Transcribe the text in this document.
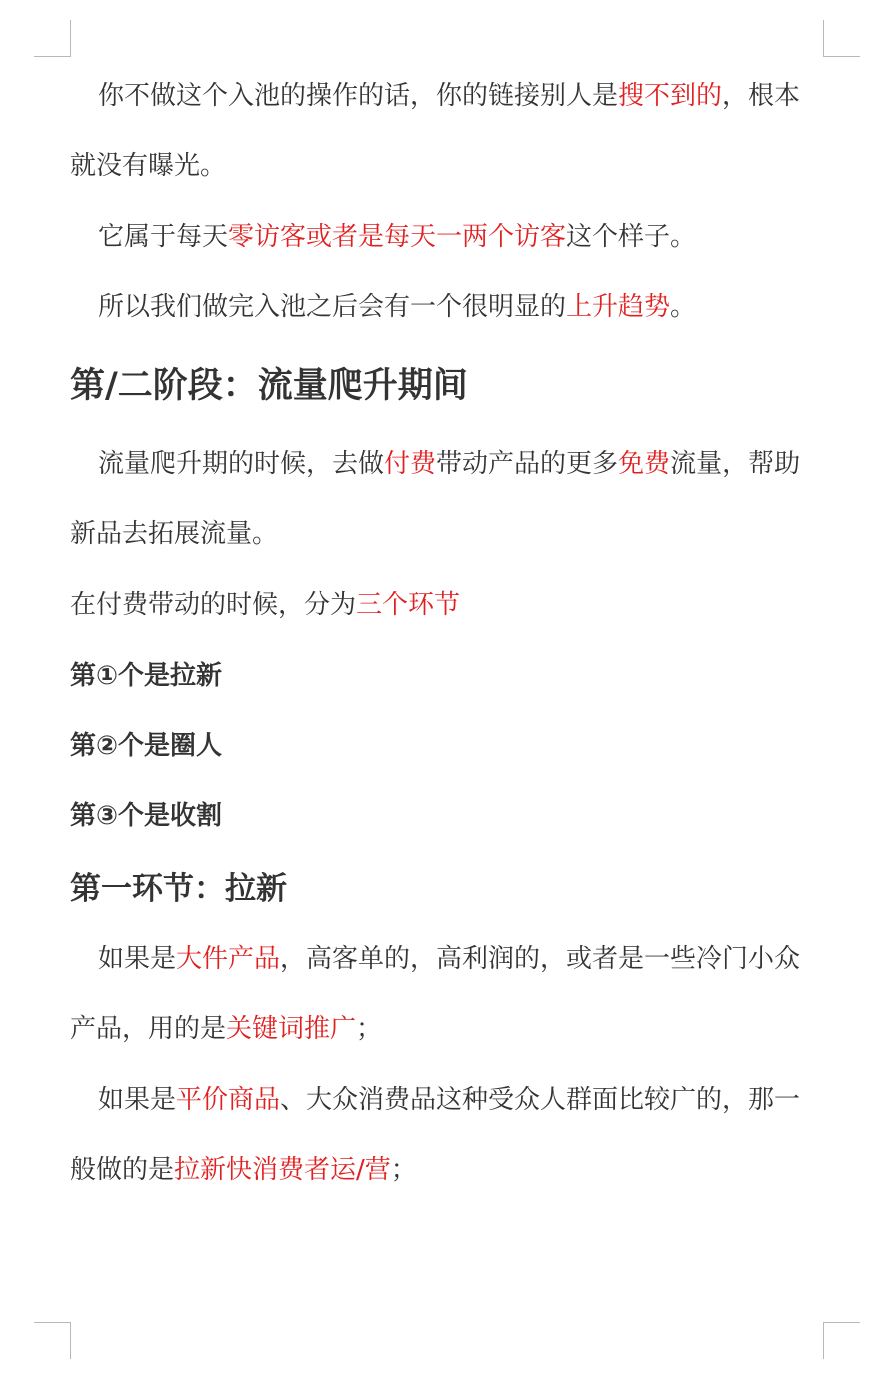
你不做这个入池的操作的话，你的链接别人是搜不到的，根本
就没有曝光。
它属于每天零访客或者是每天一两个访客这个样子。
所以我们做完入池之后会有一个很明显的上升趋势。
第/二阶段：流量爬升期间
流量爬升期的时候，去做付费带动产品的更多免费流量，帮助
新品去拓展流量。
在付费带动的时候，分为三个环节
第①个是拉新
第②个是圈人
第③个是收割
第一环节：拉新
如果是大件产品，高客单的，高利润的，或者是一些冷门小众
产品，用的是关键词推广；
如果是平价商品、大众消费品这种受众人群面比较广的，那一
般做的是拉新快消费者运/营；
